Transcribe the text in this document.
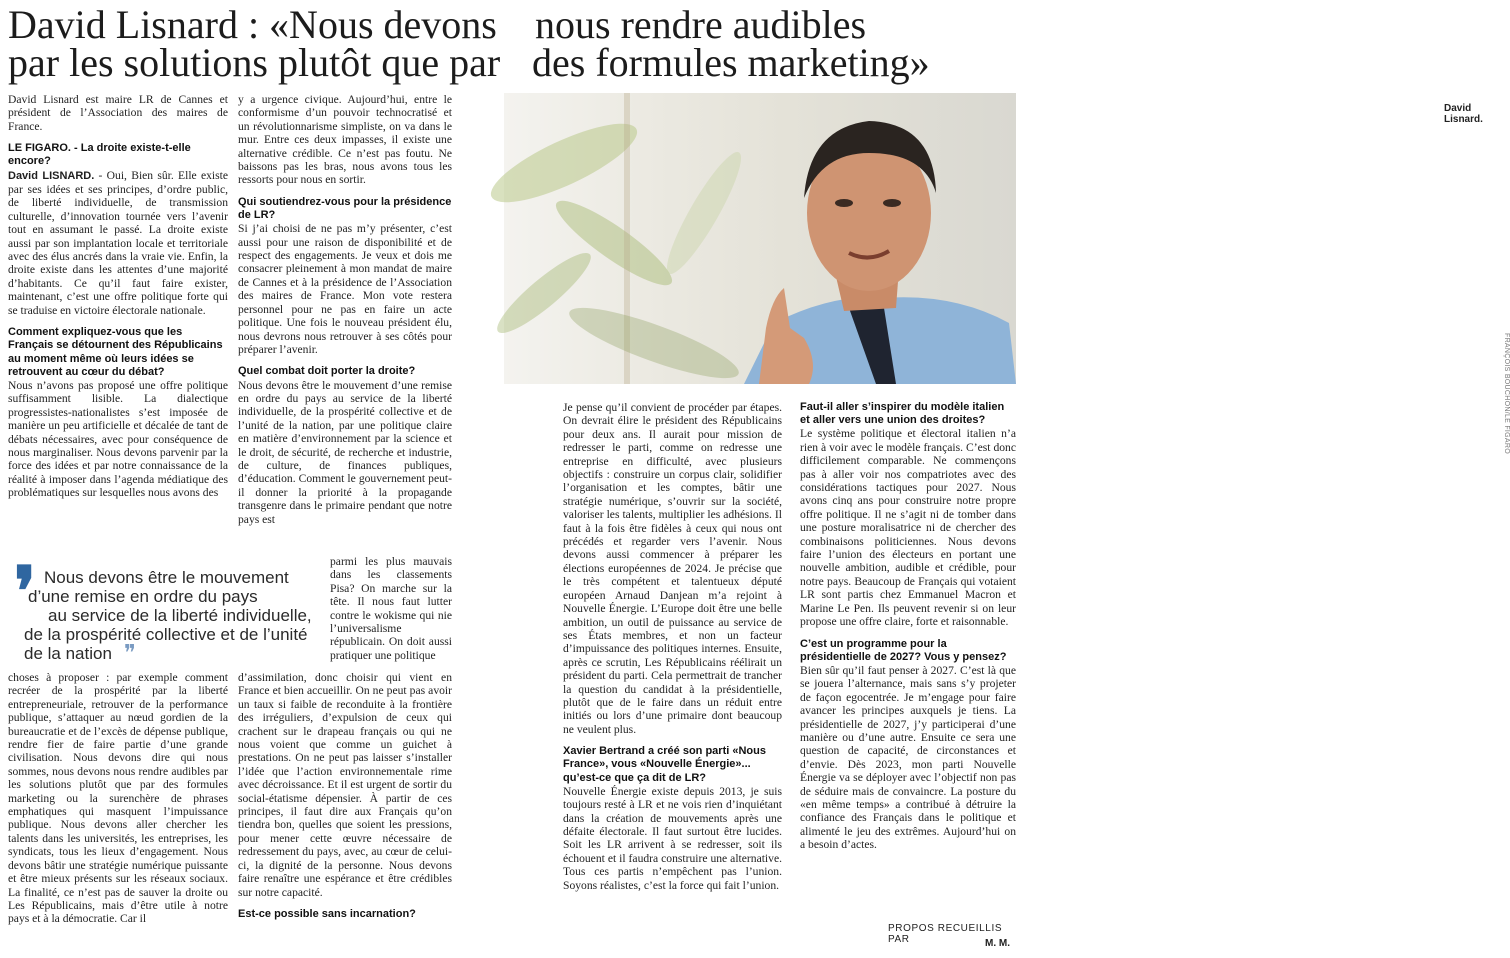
David Lisnard : «Nous devons nous rendre audibles
par les solutions plutôt que par des formules marketing»
David Lisnard.
FRANÇOIS BOUCHON/LE FIGARO

David Lisnard est maire LR de Cannes et président de l’Association des maires de France.

LE FIGARO. - La droite existe-t-elle encore?

David LISNARD. - Oui, Bien sûr. Elle existe par ses idées et ses principes, d’ordre public, de liberté individuelle, de transmission culturelle, d’innovation tournée vers l’avenir tout en assumant le passé. La droite existe aussi par son implantation locale et territoriale avec des élus ancrés dans la vraie vie. Enfin, la droite existe dans les attentes d’une majorité d’habitants. Ce qu’il faut faire exister, maintenant, c’est une offre politique forte qui se traduise en victoire électorale nationale.

Comment expliquez-vous que les Français se détournent des Républicains au moment même où leurs idées se retrouvent au cœur du débat?

Nous n’avons pas proposé une offre politique suffisamment lisible. La dialectique progressistes-nationalistes s’est imposée de manière un peu artificielle et décalée de tant de débats nécessaires, avec pour conséquence de nous marginaliser. Nous devons parvenir par la force des idées et par notre connaissance de la réalité à imposer dans l’agenda médiatique des problématiques sur lesquelles nous avons des

❜ Nous devons être le mouvement
d’une remise en ordre du pays
au service de la liberté individuelle,
de la prospérité collective et de l’unité
de la nation ❞

choses à proposer : par exemple comment recréer de la prospérité par la liberté entrepreneuriale, retrouver de la performance publique, s’attaquer au nœud gordien de la bureaucratie et de l’excès de dépense publique, rendre fier de faire partie d’une grande civilisation. Nous devons dire qui nous sommes, nous devons nous rendre audibles par les solutions plutôt que par des formules marketing ou la surenchère de phrases emphatiques qui masquent l’impuissance publique. Nous devons aller chercher les talents dans les universités, les entreprises, les syndicats, tous les lieux d’engagement. Nous devons bâtir une stratégie numérique puissante et être mieux présents sur les réseaux sociaux. La finalité, ce n’est pas de sauver la droite ou Les Républicains, mais d’être utile à notre pays et à la démocratie. Car il

y a urgence civique. Aujourd’hui, entre le conformisme d’un pouvoir technocratisé et un révolutionnarisme simpliste, on va dans le mur. Entre ces deux impasses, il existe une alternative crédible. Ce n’est pas foutu. Ne baissons pas les bras, nous avons tous les ressorts pour nous en sortir.

Qui soutiendrez-vous pour la présidence de LR?

Si j’ai choisi de ne pas m’y présenter, c’est aussi pour une raison de disponibilité et de respect des engagements. Je veux et dois me consacrer pleinement à mon mandat de maire de Cannes et à la présidence de l’Association des maires de France. Mon vote restera personnel pour ne pas en faire un acte politique. Une fois le nouveau président élu, nous devrons nous retrouver à ses côtés pour préparer l’avenir.

Quel combat doit porter la droite?

Nous devons être le mouvement d’une remise en ordre du pays au service de la liberté individuelle, de la prospérité collective et de l’unité de la nation, par une politique claire en matière d’environnement par la science et le droit, de sécurité, de recherche et industrie, de culture, de finances publiques, d’éducation. Comment le gouvernement peut-il donner la priorité à la propagande transgenre dans le primaire pendant que notre pays est

parmi les plus mauvais dans les classements Pisa? On marche sur la tête. Il nous faut lutter contre le wokisme qui nie l’universalisme républicain. On doit aussi pratiquer une politique

d’assimilation, donc choisir qui vient en France et bien accueillir. On ne peut pas avoir un taux si faible de reconduite à la frontière des irréguliers, d’expulsion de ceux qui crachent sur le drapeau français ou qui ne nous voient que comme un guichet à prestations. On ne peut pas laisser s’installer l’idée que l’action environnementale rime avec décroissance. Et il est urgent de sortir du social-étatisme dépensier. À partir de ces principes, il faut dire aux Français qu’on tiendra bon, quelles que soient les pressions, pour mener cette œuvre nécessaire de redressement du pays, avec, au cœur de celui-ci, la dignité de la personne. Nous devons faire renaître une espérance et être crédibles sur notre capacité.

Est-ce possible sans incarnation?

Je pense qu’il convient de procéder par étapes. On devrait élire le président des Républicains pour deux ans. Il aurait pour mission de redresser le parti, comme on redresse une entreprise en difficulté, avec plusieurs objectifs : construire un corpus clair, solidifier l’organisation et les comptes, bâtir une stratégie numérique, s’ouvrir sur la société, valoriser les talents, multiplier les adhésions. Il faut à la fois être fidèles à ceux qui nous ont précédés et regarder vers l’avenir. Nous devons aussi commencer à préparer les élections européennes de 2024. Je précise que le très compétent et talentueux député européen Arnaud Danjean m’a rejoint à Nouvelle Énergie. L’Europe doit être une belle ambition, un outil de puissance au service de ses États membres, et non un facteur d’impuissance des politiques internes. Ensuite, après ce scrutin, Les Républicains réélirait un président du parti. Cela permettrait de trancher la question du candidat à la présidentielle, plutôt que de le faire dans un réduit entre initiés ou lors d’une primaire dont beaucoup ne veulent plus.

Xavier Bertrand a créé son parti «Nous France», vous «Nouvelle Énergie»... qu’est-ce que ça dit de LR?

Nouvelle Énergie existe depuis 2013, je suis toujours resté à LR et ne vois rien d’inquiétant dans la création de mouvements après une défaite électorale. Il faut surtout être lucides. Soit les LR arrivent à se redresser, soit ils échouent et il faudra construire une alternative. Tous ces partis n’empêchent pas l’union. Soyons réalistes, c’est la force qui fait l’union.

Faut-il aller s’inspirer du modèle italien et aller vers une union des droites?

Le système politique et électoral italien n’a rien à voir avec le modèle français. C’est donc difficilement comparable. Ne commençons pas à aller voir nos compatriotes avec des considérations tactiques pour 2027. Nous avons cinq ans pour construire notre propre offre politique. Il ne s’agit ni de tomber dans une posture moralisatrice ni de chercher des combinaisons politiciennes. Nous devons faire l’union des électeurs en portant une nouvelle ambition, audible et crédible, pour notre pays. Beaucoup de Français qui votaient LR sont partis chez Emmanuel Macron et Marine Le Pen. Ils peuvent revenir si on leur propose une offre claire, forte et raisonnable.

C’est un programme pour la présidentielle de 2027? Vous y pensez?

Bien sûr qu’il faut penser à 2027. C’est là que se jouera l’alternance, mais sans s’y projeter de façon egocentrée. Je m’engage pour faire avancer les principes auxquels je tiens. La présidentielle de 2027, j’y participerai d’une manière ou d’une autre. Ensuite ce sera une question de capacité, de circonstances et d’envie. Dès 2023, mon parti Nouvelle Énergie va se déployer avec l’objectif non pas de séduire mais de convaincre. La posture du «en même temps» a contribué à détruire la confiance des Français dans le politique et alimenté le jeu des extrêmes. Aujourd’hui on a besoin d’actes.

PROPOS RECUEILLIS PAR	M. M.
